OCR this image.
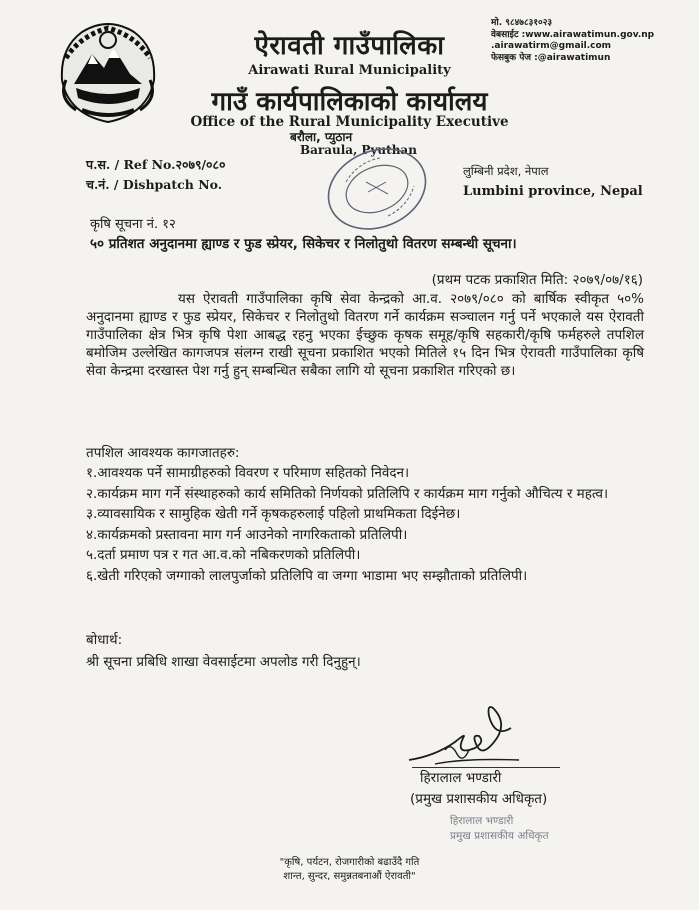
मो. ९८४७८३१०२३
वेबसाईट :www.airawatimun.gov.np
.airawatirm@gmail.com
फेसबुक पेज :@airawatimun
ऐरावती गाउँपालिका
Airawati Rural Municipality
गाउँ कार्यपालिकाको कार्यालय
Office of the Rural Municipality Executive
बरौला, प्युठान
Baraula, Pyuthan
प.स. / Ref No.२०७९/०८०
च.नं. / Dishpatch No.
लुम्बिनी प्रदेश, नेपाल
Lumbini province, Nepal
कृषि सूचना नं. १२
५० प्रतिशत अनुदानमा ह्याण्ड र फुड स्प्रेयर, सिकेचर र निलोतुथो वितरण सम्बन्धी सूचना।
(प्रथम पटक प्रकाशित मिति: २०७९/०७/१६)
यस ऐरावती गाउँपालिका कृषि सेवा केन्द्रको आ.व. २०७९/०८० को बार्षिक स्वीकृत ५०% अनुदानमा ह्याण्ड र फुड स्प्रेयर, सिकेचर र निलोतुथो वितरण गर्ने कार्यक्रम सञ्चालन गर्नु पर्ने भएकाले यस ऐरावती गाउँपालिका क्षेत्र भित्र कृषि पेशा आबद्ध रहनु भएका ईच्छुक कृषक समूह/कृषि सहकारी/कृषि फर्महरुले तपशिल बमोजिम उल्लेखित कागजपत्र संलग्न राखी सूचना प्रकाशित भएको मितिले १५ दिन भित्र ऐरावती गाउँपालिका कृषि सेवा केन्द्रमा दरखास्त पेश गर्नु हुन् सम्बन्धित सबैका लागि यो सूचना प्रकाशित गरिएको छ।
तपशिल आवश्यक कागजातहरु:
१.आवश्यक पर्ने सामाग्रीहरुको विवरण र परिमाण सहितको निवेदन।
२.कार्यक्रम माग गर्ने संस्थाहरुको कार्य समितिको निर्णयको प्रतिलिपि र कार्यक्रम माग गर्नुको औचित्य र महत्व।
३.व्यावसायिक र सामुहिक खेती गर्ने कृषकहरुलाई पहिलो प्राथमिकता दिईनेछ।
४.कार्यक्रमको प्रस्तावना माग गर्न आउनेको नागरिकताको प्रतिलिपी।
५.दर्ता प्रमाण पत्र र गत आ.व.को नबिकरणको प्रतिलिपी।
६.खेती गरिएको जग्गाको लालपुर्जाको प्रतिलिपि वा जग्गा भाडामा भए सम्झौताको प्रतिलिपी।
बोधार्थ:
श्री सूचना प्रबिधि शाखा वेवसाईटमा अपलोड गरी दिनुहुन्।
हिरालाल भण्डारी
(प्रमुख प्रशासकीय अधिकृत)
हिरालाल भण्डारी
प्रमुख प्रशासकीय अधिकृत
"कृषि, पर्यटन, रोजगारीको बढाउँदै गति
शान्त, सुन्दर, समुन्नतबनाऔं ऐरावती"
